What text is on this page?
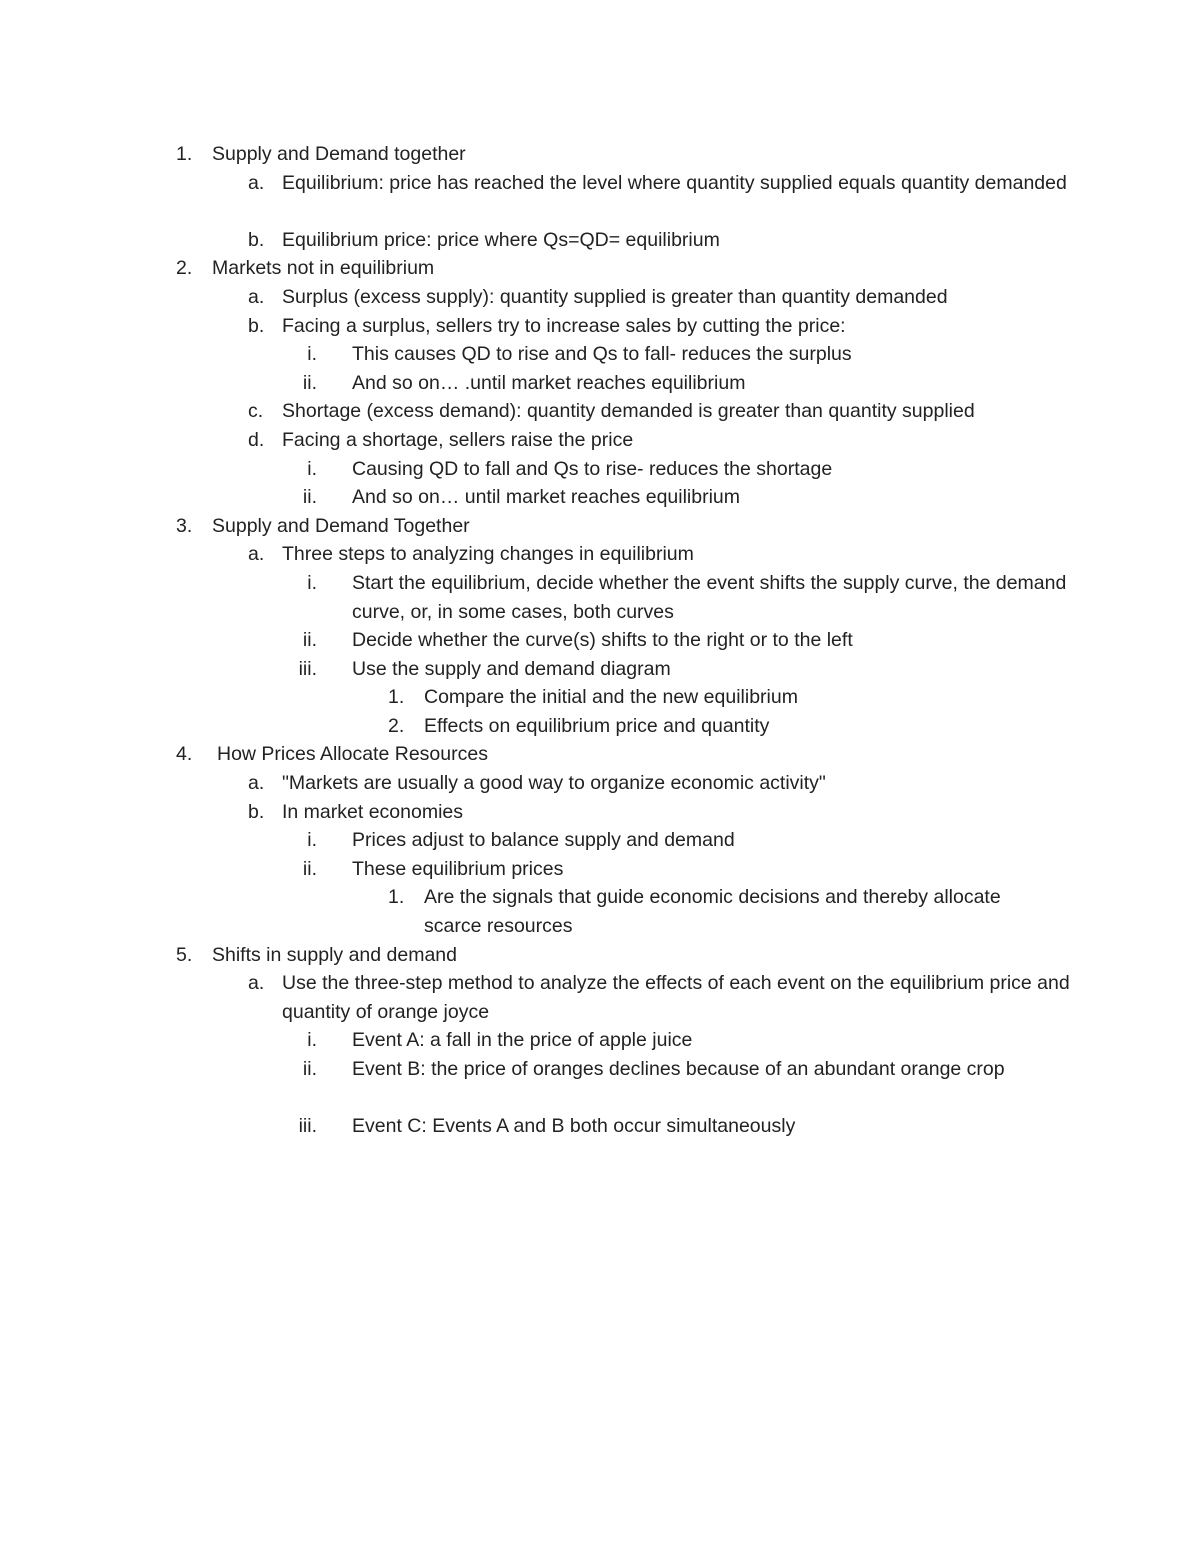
1. Supply and Demand together
a. Equilibrium: price has reached the level where quantity supplied equals quantity demanded
b. Equilibrium price: price where Qs=QD= equilibrium
2. Markets not in equilibrium
a. Surplus (excess supply): quantity supplied is greater than quantity demanded
b. Facing a surplus, sellers try to increase sales by cutting the price:
i. This causes QD to rise and Qs to fall- reduces the surplus
ii. And so on… .until market reaches equilibrium
c. Shortage (excess demand): quantity demanded is greater than quantity supplied
d. Facing a shortage, sellers raise the price
i. Causing QD to fall and Qs to rise- reduces the shortage
ii. And so on… until market reaches equilibrium
3. Supply and Demand Together
a. Three steps to analyzing changes in equilibrium
i. Start the equilibrium, decide whether the event shifts the supply curve, the demand curve, or, in some cases, both curves
ii. Decide whether the curve(s) shifts to the right or to the left
iii. Use the supply and demand diagram
1. Compare the initial and the new equilibrium
2. Effects on equilibrium price and quantity
4. How Prices Allocate Resources
a. "Markets are usually a good way to organize economic activity"
b. In market economies
i. Prices adjust to balance supply and demand
ii. These equilibrium prices
1. Are the signals that guide economic decisions and thereby allocate scarce resources
5. Shifts in supply and demand
a. Use the three-step method to analyze the effects of each event on the equilibrium price and quantity of orange joyce
i. Event A: a fall in the price of apple juice
ii. Event B: the price of oranges declines because of an abundant orange crop
iii. Event C: Events A and B both occur simultaneously
